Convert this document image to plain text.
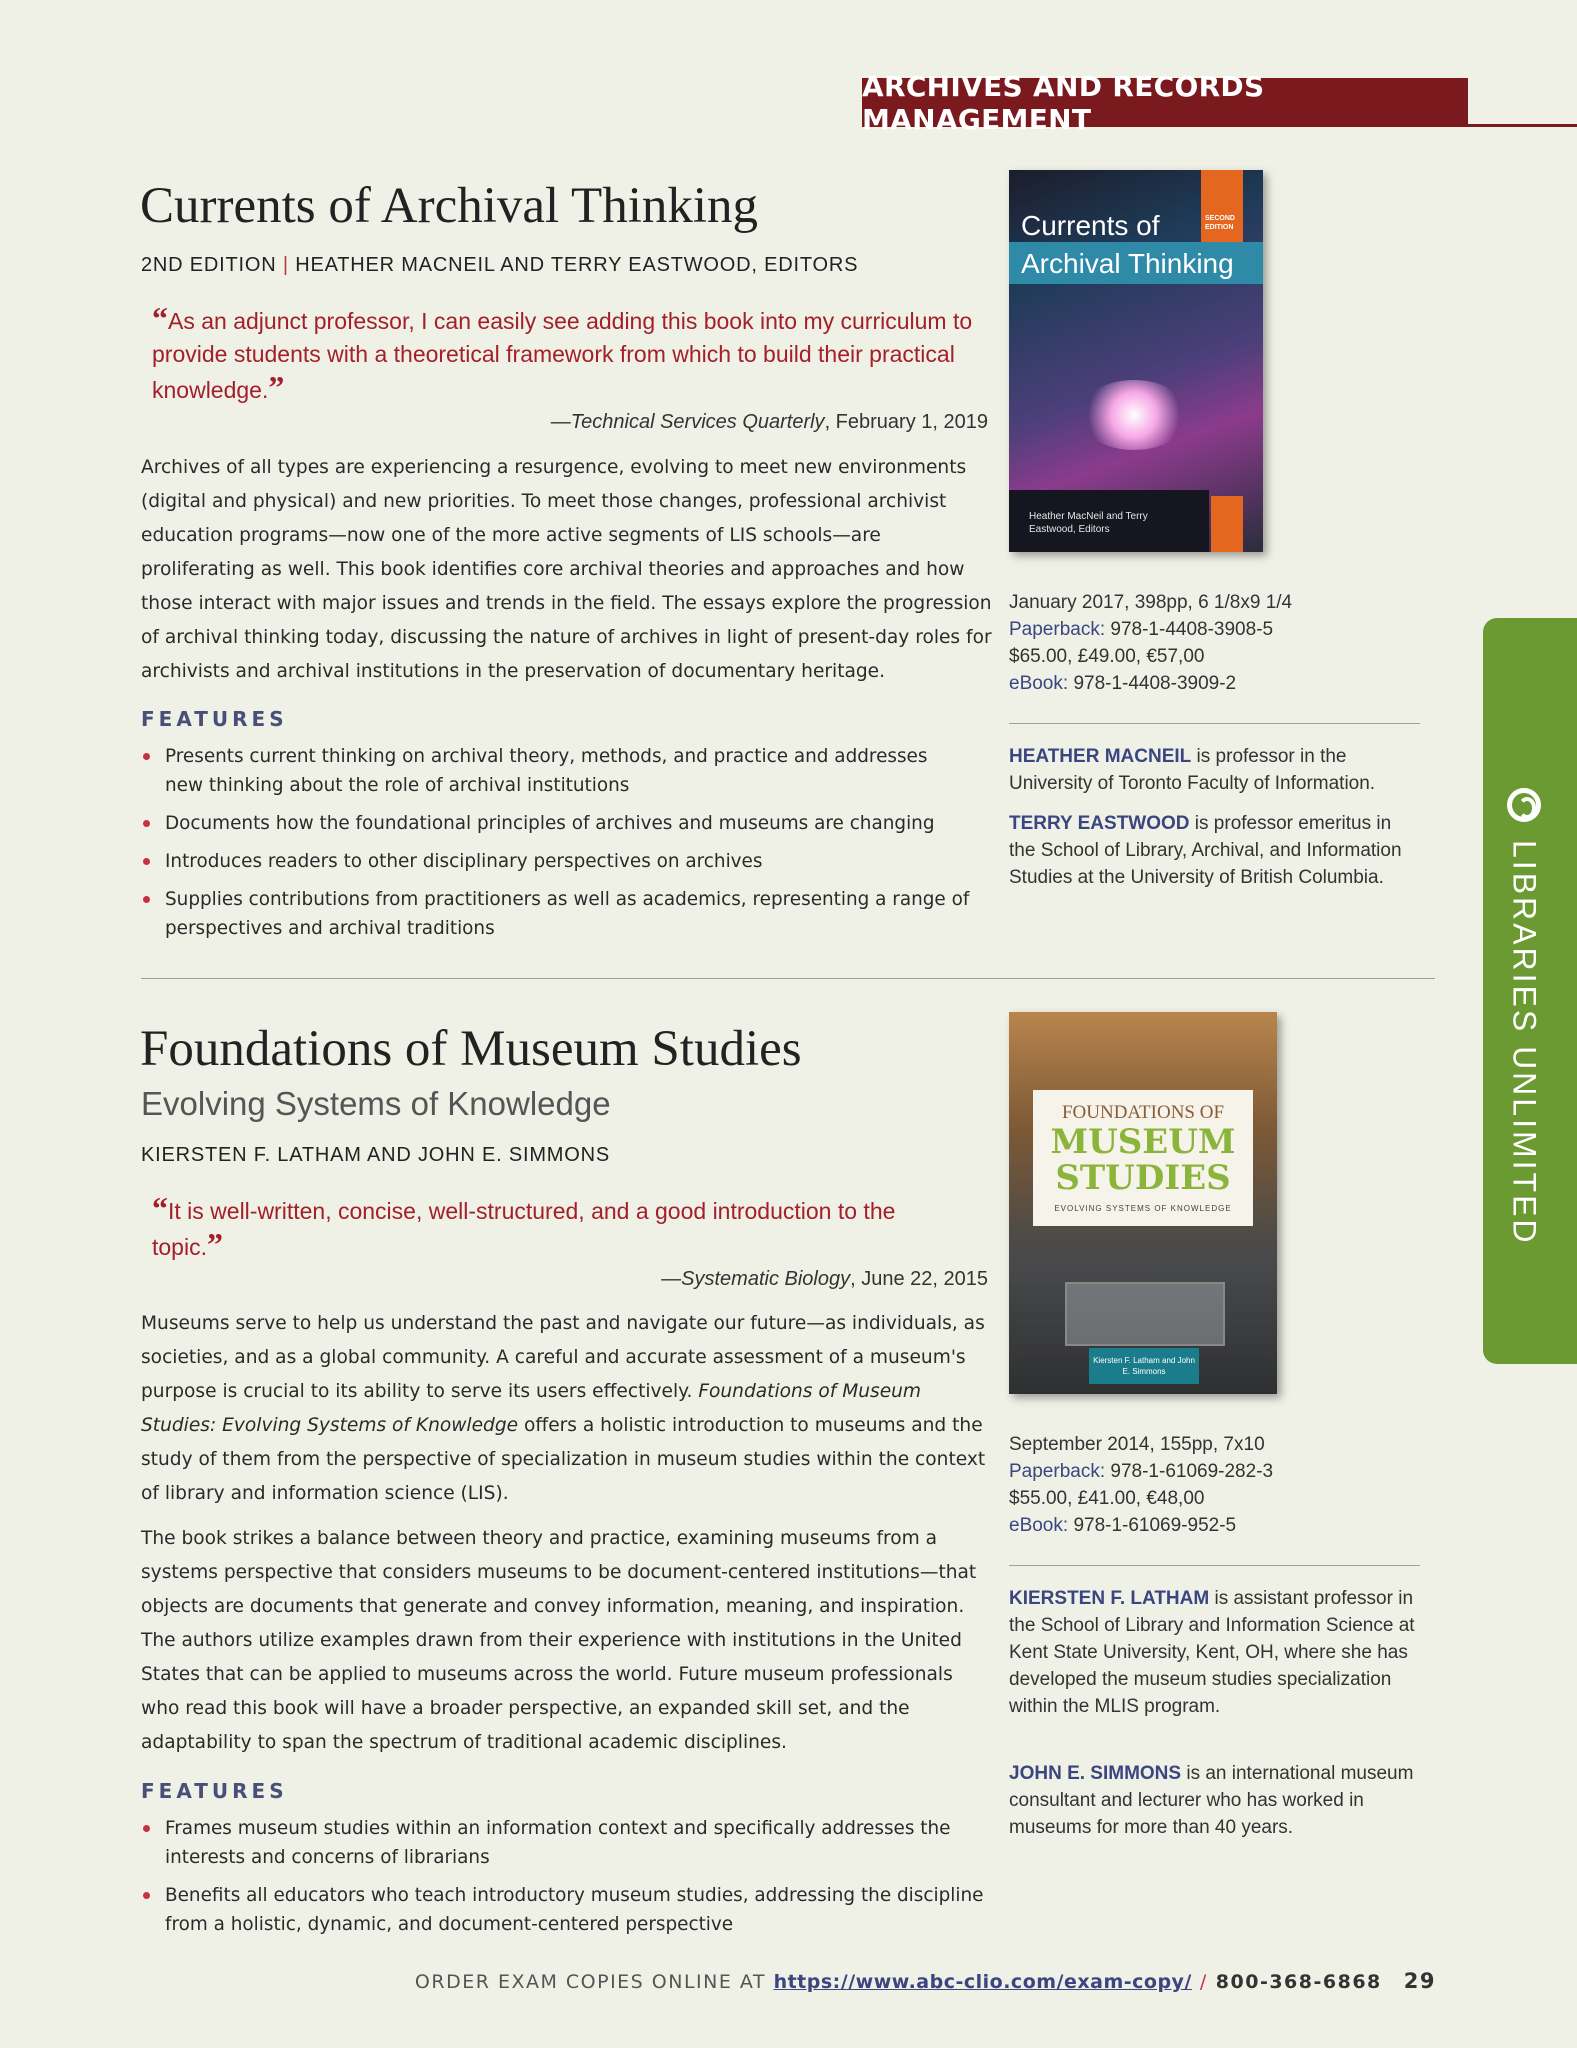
ARCHIVES AND RECORDS MANAGEMENT
LIBRARIES UNLIMITED
Currents of Archival Thinking
2ND EDITION | HEATHER MACNEIL AND TERRY EASTWOOD, EDITORS
“As an adjunct professor, I can easily see adding this book into my curriculum to provide students with a theoretical framework from which to build their practical knowledge.”
—Technical Services Quarterly, February 1, 2019
Archives of all types are experiencing a resurgence, evolving to meet new environments (digital and physical) and new priorities. To meet those changes, professional archivist education programs—now one of the more active segments of LIS schools—are proliferating as well. This book identifies core archival theories and approaches and how those interact with major issues and trends in the field. The essays explore the progression of archival thinking today, discussing the nature of archives in light of present-day roles for archivists and archival institutions in the preservation of documentary heritage.
FEATURES
Presents current thinking on archival theory, methods, and practice and addresses new thinking about the role of archival institutions
Documents how the foundational principles of archives and museums are changing
Introduces readers to other disciplinary perspectives on archives
Supplies contributions from practitioners as well as academics, representing a range of perspectives and archival traditions
SECOND EDITION
Currents of
Archival Thinking
Heather MacNeil and Terry Eastwood, Editors
January 2017, 398pp, 6 1/8x9 1/4
Paperback: 978-1-4408-3908-5
$65.00, £49.00, €57,00
eBook: 978-1-4408-3909-2
HEATHER MACNEIL is professor in the University of Toronto Faculty of Information.
TERRY EASTWOOD is professor emeritus in the School of Library, Archival, and Information Studies at the University of British Columbia.
Foundations of Museum Studies
Evolving Systems of Knowledge
KIERSTEN F. LATHAM AND JOHN E. SIMMONS
“It is well-written, concise, well-structured, and a good introduction to the topic.”
—Systematic Biology, June 22, 2015
Museums serve to help us understand the past and navigate our future—as individuals, as societies, and as a global community. A careful and accurate assessment of a museum's purpose is crucial to its ability to serve its users effectively. Foundations of Museum Studies: Evolving Systems of Knowledge offers a holistic introduction to museums and the study of them from the perspective of specialization in museum studies within the context of library and information science (LIS).
The book strikes a balance between theory and practice, examining museums from a systems perspective that considers museums to be document-centered institutions—that objects are documents that generate and convey information, meaning, and inspiration. The authors utilize examples drawn from their experience with institutions in the United States that can be applied to museums across the world. Future museum professionals who read this book will have a broader perspective, an expanded skill set, and the adaptability to span the spectrum of traditional academic disciplines.
FEATURES
Frames museum studies within an information context and specifically addresses the interests and concerns of librarians
Benefits all educators who teach introductory museum studies, addressing the discipline from a holistic, dynamic, and document-centered perspective
FOUNDATIONS OF
MUSEUM
STUDIES
EVOLVING SYSTEMS OF KNOWLEDGE
Kiersten F. Latham and John E. Simmons
September 2014, 155pp, 7x10
Paperback: 978-1-61069-282-3
$55.00, £41.00, €48,00
eBook: 978-1-61069-952-5
KIERSTEN F. LATHAM is assistant professor in the School of Library and Information Science at Kent State University, Kent, OH, where she has developed the museum studies specialization within the MLIS program.
JOHN E. SIMMONS is an international museum consultant and lecturer who has worked in museums for more than 40 years.
ORDER EXAM COPIES ONLINE AT https://www.abc-clio.com/exam-copy/ / 800-368-6868 29
